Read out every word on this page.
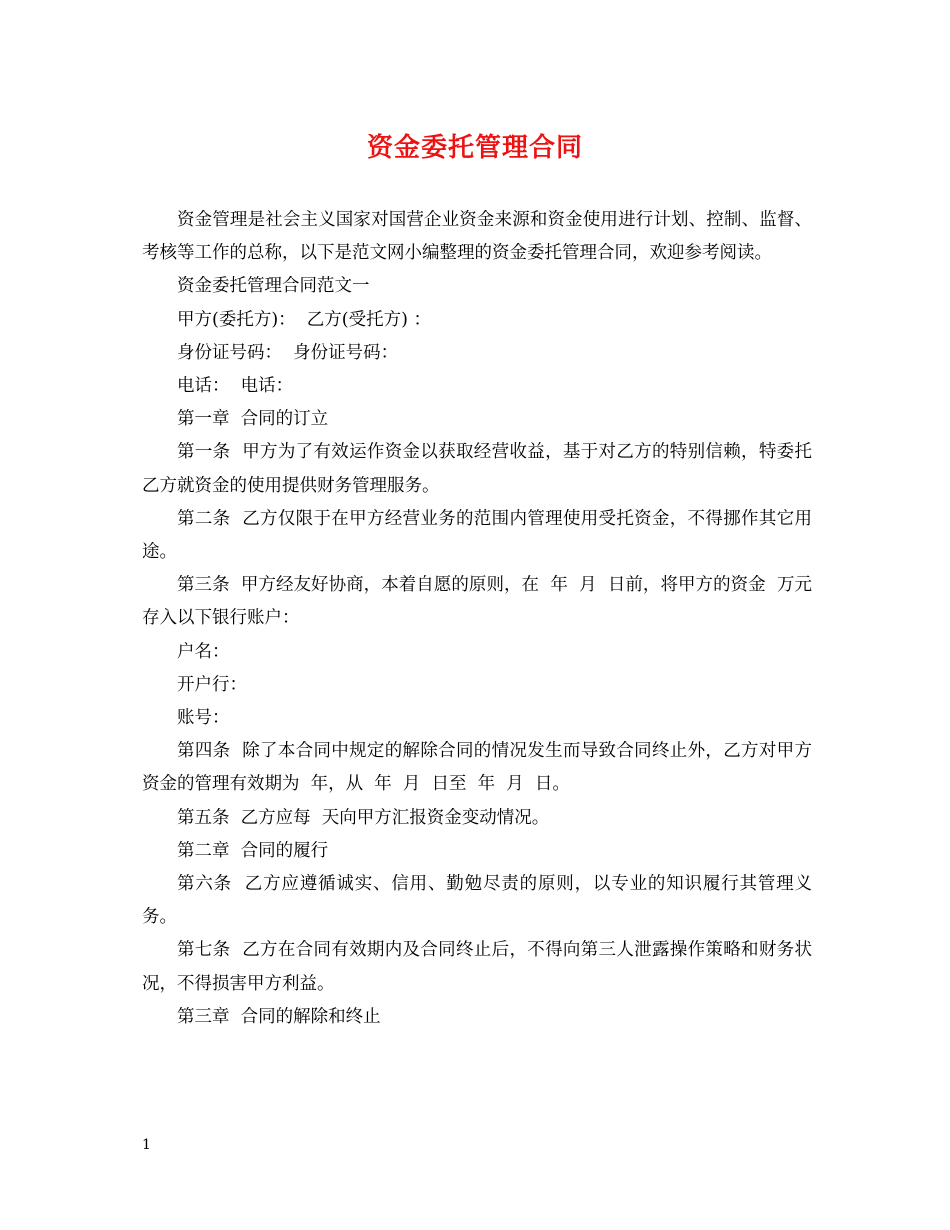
资金委托管理合同

资金管理是社会主义国家对国营企业资金来源和资金使用进行计划、控制、监督、考核等工作的总称，以下是范文网小编整理的资金委托管理合同，欢迎参考阅读。

资金委托管理合同范文一

甲方(委托方)：  乙方(受托方) ：

身份证号码：  身份证号码：

电话：  电话：

第一章  合同的订立

第一条  甲方为了有效运作资金以获取经营收益，基于对乙方的特别信赖，特委托乙方就资金的使用提供财务管理服务。

第二条  乙方仅限于在甲方经营业务的范围内管理使用受托资金，不得挪作其它用途。

第三条  甲方经友好协商，本着自愿的原则，在  年  月  日前，将甲方的资金  万元存入以下银行账户：

户名：

开户行：

账号：

第四条  除了本合同中规定的解除合同的情况发生而导致合同终止外，乙方对甲方资金的管理有效期为  年，从  年  月  日至  年  月  日。

第五条  乙方应每  天向甲方汇报资金变动情况。

第二章  合同的履行

第六条  乙方应遵循诚实、信用、勤勉尽责的原则，以专业的知识履行其管理义务。

第七条  乙方在合同有效期内及合同终止后，不得向第三人泄露操作策略和财务状况，不得损害甲方利益。

第三章  合同的解除和终止

1
